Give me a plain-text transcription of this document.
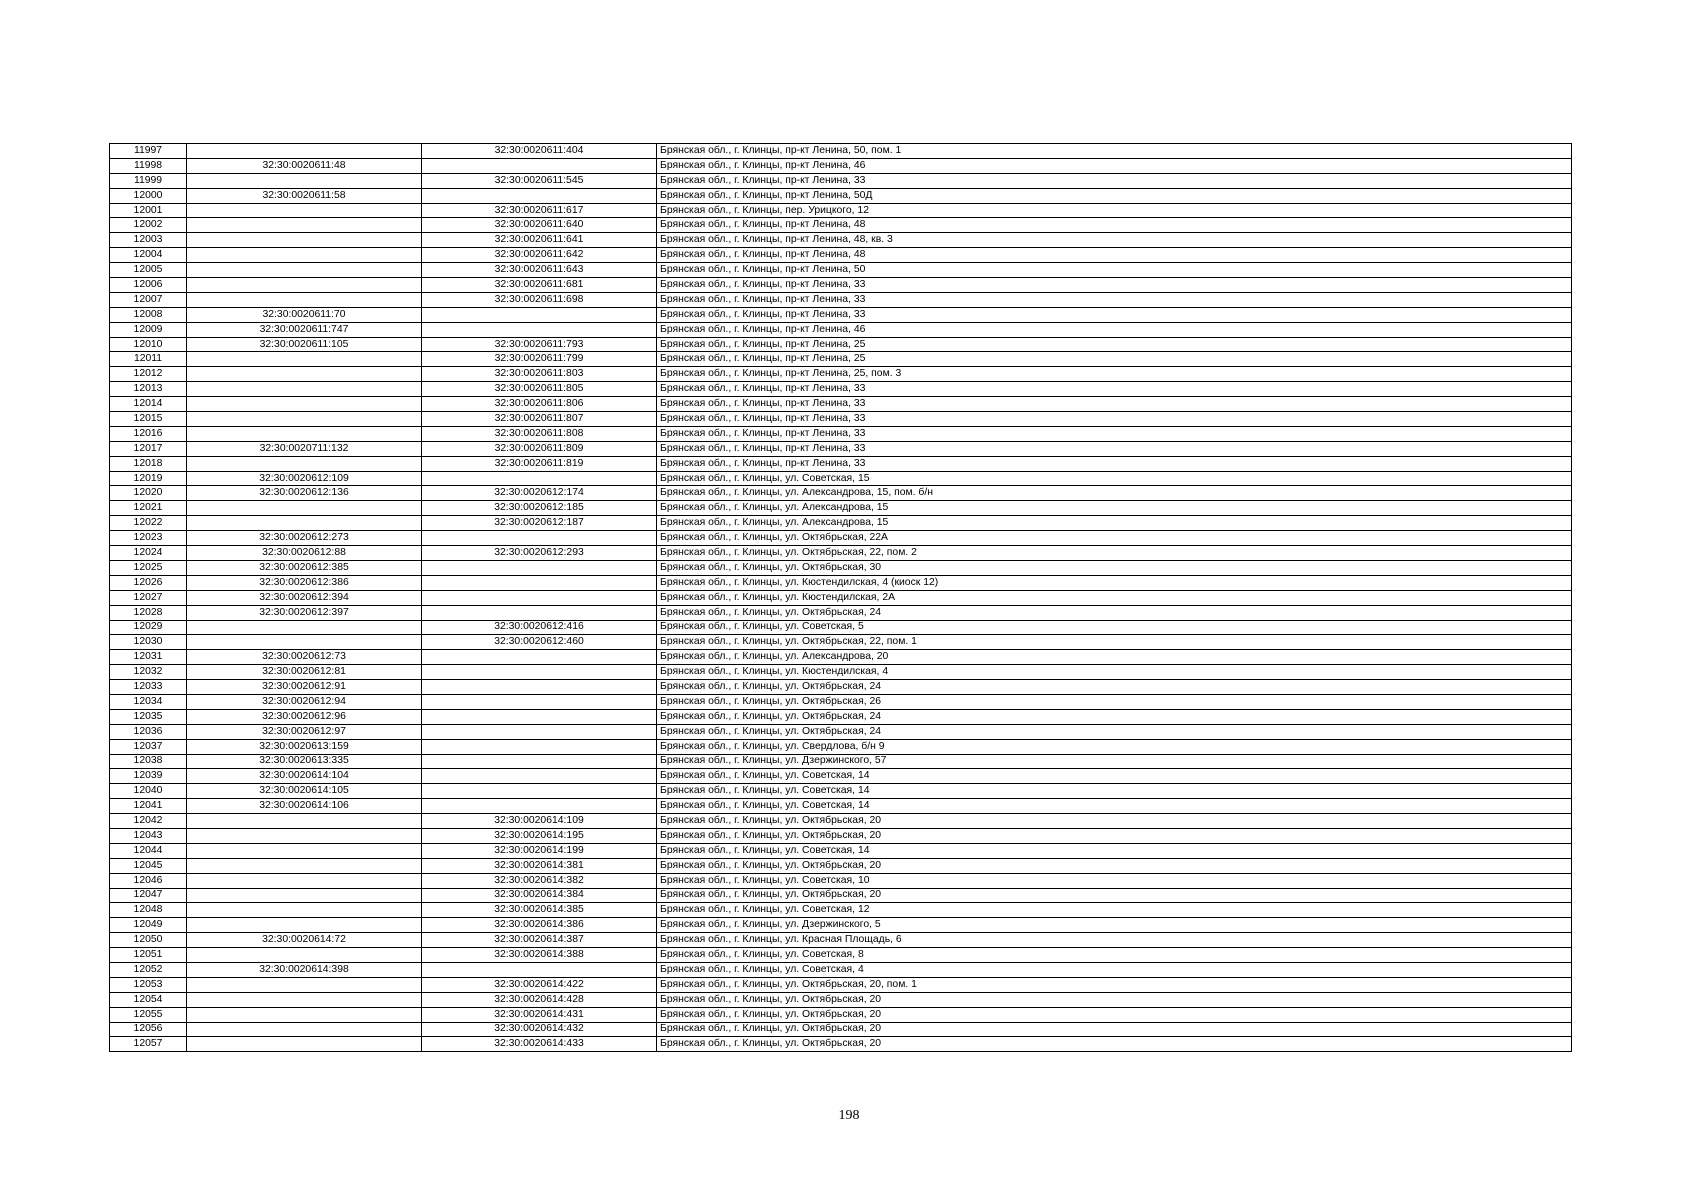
11997		32:30:0020611:404	Брянская обл., г. Клинцы, пр-кт Ленина, 50, пом. 1
11998	32:30:0020611:48		Брянская обл., г. Клинцы, пр-кт Ленина, 46
11999		32:30:0020611:545	Брянская обл., г. Клинцы, пр-кт Ленина, 33
12000	32:30:0020611:58		Брянская обл., г. Клинцы, пр-кт Ленина, 50Д
12001		32:30:0020611:617	Брянская обл., г. Клинцы, пер. Урицкого, 12
12002		32:30:0020611:640	Брянская обл., г. Клинцы, пр-кт Ленина, 48
12003		32:30:0020611:641	Брянская обл., г. Клинцы, пр-кт Ленина, 48, кв. 3
12004		32:30:0020611:642	Брянская обл., г. Клинцы, пр-кт Ленина, 48
12005		32:30:0020611:643	Брянская обл., г. Клинцы, пр-кт Ленина, 50
12006		32:30:0020611:681	Брянская обл., г. Клинцы, пр-кт Ленина, 33
12007		32:30:0020611:698	Брянская обл., г. Клинцы, пр-кт Ленина, 33
12008	32:30:0020611:70		Брянская обл., г. Клинцы, пр-кт Ленина, 33
12009	32:30:0020611:747		Брянская обл., г. Клинцы, пр-кт Ленина, 46
12010	32:30:0020611:105	32:30:0020611:793	Брянская обл., г. Клинцы, пр-кт Ленина, 25
12011		32:30:0020611:799	Брянская обл., г. Клинцы, пр-кт Ленина, 25
12012		32:30:0020611:803	Брянская обл., г. Клинцы, пр-кт Ленина, 25, пом. 3
12013		32:30:0020611:805	Брянская обл., г. Клинцы, пр-кт Ленина, 33
12014		32:30:0020611:806	Брянская обл., г. Клинцы, пр-кт Ленина, 33
12015		32:30:0020611:807	Брянская обл., г. Клинцы, пр-кт Ленина, 33
12016		32:30:0020611:808	Брянская обл., г. Клинцы, пр-кт Ленина, 33
12017	32:30:0020711:132	32:30:0020611:809	Брянская обл., г. Клинцы, пр-кт Ленина, 33
12018		32:30:0020611:819	Брянская обл., г. Клинцы, пр-кт Ленина, 33
12019	32:30:0020612:109		Брянская обл., г. Клинцы, ул. Советская, 15
12020	32:30:0020612:136	32:30:0020612:174	Брянская обл., г. Клинцы, ул. Александрова, 15, пом. б/н
12021		32:30:0020612:185	Брянская обл., г. Клинцы, ул. Александрова, 15
12022		32:30:0020612:187	Брянская обл., г. Клинцы, ул. Александрова, 15
12023	32:30:0020612:273		Брянская обл., г. Клинцы, ул. Октябрьская, 22А
12024	32:30:0020612:88	32:30:0020612:293	Брянская обл., г. Клинцы, ул. Октябрьская, 22, пом. 2
12025	32:30:0020612:385		Брянская обл., г. Клинцы, ул. Октябрьская, 30
12026	32:30:0020612:386		Брянская обл., г. Клинцы, ул. Кюстендилская, 4 (киоск 12)
12027	32:30:0020612:394		Брянская обл., г. Клинцы, ул. Кюстендилская, 2А
12028	32:30:0020612:397		Брянская обл., г. Клинцы, ул. Октябрьская, 24
12029		32:30:0020612:416	Брянская обл., г. Клинцы, ул. Советская, 5
12030		32:30:0020612:460	Брянская обл., г. Клинцы, ул. Октябрьская, 22, пом. 1
12031	32:30:0020612:73		Брянская обл., г. Клинцы, ул. Александрова, 20
12032	32:30:0020612:81		Брянская обл., г. Клинцы, ул. Кюстендилская, 4
12033	32:30:0020612:91		Брянская обл., г. Клинцы, ул. Октябрьская, 24
12034	32:30:0020612:94		Брянская обл., г. Клинцы, ул. Октябрьская, 26
12035	32:30:0020612:96		Брянская обл., г. Клинцы, ул. Октябрьская, 24
12036	32:30:0020612:97		Брянская обл., г. Клинцы, ул. Октябрьская, 24
12037	32:30:0020613:159		Брянская обл., г. Клинцы, ул. Свердлова, б/н 9
12038	32:30:0020613:335		Брянская обл., г. Клинцы, ул. Дзержинского, 57
12039	32:30:0020614:104		Брянская обл., г. Клинцы, ул. Советская, 14
12040	32:30:0020614:105		Брянская обл., г. Клинцы, ул. Советская, 14
12041	32:30:0020614:106		Брянская обл., г. Клинцы, ул. Советская, 14
12042		32:30:0020614:109	Брянская обл., г. Клинцы, ул. Октябрьская, 20
12043		32:30:0020614:195	Брянская обл., г. Клинцы, ул. Октябрьская, 20
12044		32:30:0020614:199	Брянская обл., г. Клинцы, ул. Советская, 14
12045		32:30:0020614:381	Брянская обл., г. Клинцы, ул. Октябрьская, 20
12046		32:30:0020614:382	Брянская обл., г. Клинцы, ул. Советская, 10
12047		32:30:0020614:384	Брянская обл., г. Клинцы, ул. Октябрьская, 20
12048		32:30:0020614:385	Брянская обл., г. Клинцы, ул. Советская, 12
12049		32:30:0020614:386	Брянская обл., г. Клинцы, ул. Дзержинского, 5
12050	32:30:0020614:72	32:30:0020614:387	Брянская обл., г. Клинцы, ул. Красная Площадь, 6
12051		32:30:0020614:388	Брянская обл., г. Клинцы, ул. Советская, 8
12052	32:30:0020614:398		Брянская обл., г. Клинцы, ул. Советская, 4
12053		32:30:0020614:422	Брянская обл., г. Клинцы, ул. Октябрьская, 20, пом. 1
12054		32:30:0020614:428	Брянская обл., г. Клинцы, ул. Октябрьская, 20
12055		32:30:0020614:431	Брянская обл., г. Клинцы, ул. Октябрьская, 20
12056		32:30:0020614:432	Брянская обл., г. Клинцы, ул. Октябрьская, 20
12057		32:30:0020614:433	Брянская обл., г. Клинцы, ул. Октябрьская, 20
198
